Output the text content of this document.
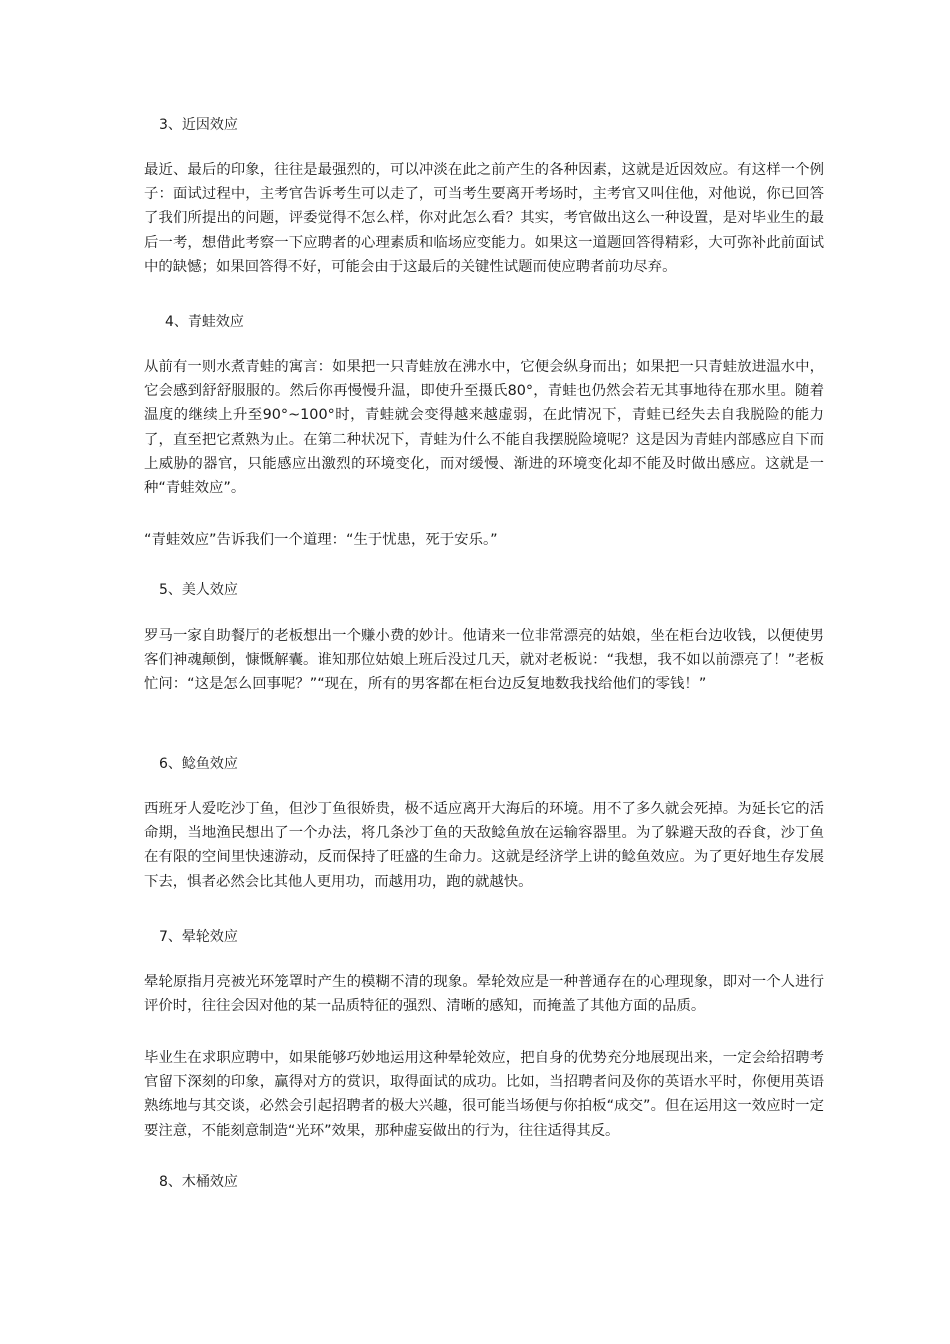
3、近因效应
最近、最后的印象，往往是最强烈的，可以冲淡在此之前产生的各种因素，这就是近因效应。有这样一个例子：面试过程中，主考官告诉考生可以走了，可当考生要离开考场时，主考官又叫住他，对他说，你已回答了我们所提出的问题，评委觉得不怎么样，你对此怎么看？其实，考官做出这么一种设置，是对毕业生的最后一考，想借此考察一下应聘者的心理素质和临场应变能力。如果这一道题回答得精彩，大可弥补此前面试中的缺憾；如果回答得不好，可能会由于这最后的关键性试题而使应聘者前功尽弃。
4、青蛙效应
从前有一则水煮青蛙的寓言：如果把一只青蛙放在沸水中，它便会纵身而出；如果把一只青蛙放进温水中，它会感到舒舒服服的。然后你再慢慢升温，即使升至摄氏80°，青蛙也仍然会若无其事地待在那水里。随着温度的继续上升至90°~100°时，青蛙就会变得越来越虚弱，在此情况下，青蛙已经失去自我脱险的能力了，直至把它煮熟为止。在第二种状况下，青蛙为什么不能自我摆脱险境呢？这是因为青蛙内部感应自下而上威胁的器官，只能感应出激烈的环境变化，而对缓慢、渐进的环境变化却不能及时做出感应。这就是一种“青蛙效应”。
“青蛙效应”告诉我们一个道理：“生于忧患，死于安乐。”
5、美人效应
罗马一家自助餐厅的老板想出一个赚小费的妙计。他请来一位非常漂亮的姑娘，坐在柜台边收钱，以便使男客们神魂颠倒，慷慨解囊。谁知那位姑娘上班后没过几天，就对老板说：“我想，我不如以前漂亮了！”老板忙问：“这是怎么回事呢？”“现在，所有的男客都在柜台边反复地数我找给他们的零钱！”
6、鲶鱼效应
西班牙人爱吃沙丁鱼，但沙丁鱼很娇贵，极不适应离开大海后的环境。用不了多久就会死掉。为延长它的活命期，当地渔民想出了一个办法，将几条沙丁鱼的天敌鲶鱼放在运输容器里。为了躲避天敌的吞食，沙丁鱼在有限的空间里快速游动，反而保持了旺盛的生命力。这就是经济学上讲的鲶鱼效应。为了更好地生存发展下去，惧者必然会比其他人更用功，而越用功，跑的就越快。
7、晕轮效应
晕轮原指月亮被光环笼罩时产生的模糊不清的现象。晕轮效应是一种普通存在的心理现象，即对一个人进行评价时，往往会因对他的某一品质特征的强烈、清晰的感知，而掩盖了其他方面的品质。
毕业生在求职应聘中，如果能够巧妙地运用这种晕轮效应，把自身的优势充分地展现出来，一定会给招聘考官留下深刻的印象，赢得对方的赏识，取得面试的成功。比如，当招聘者问及你的英语水平时，你便用英语熟练地与其交谈，必然会引起招聘者的极大兴趣，很可能当场便与你拍板“成交”。但在运用这一效应时一定要注意，不能刻意制造“光环”效果，那种虚妄做出的行为，往往适得其反。
8、木桶效应
